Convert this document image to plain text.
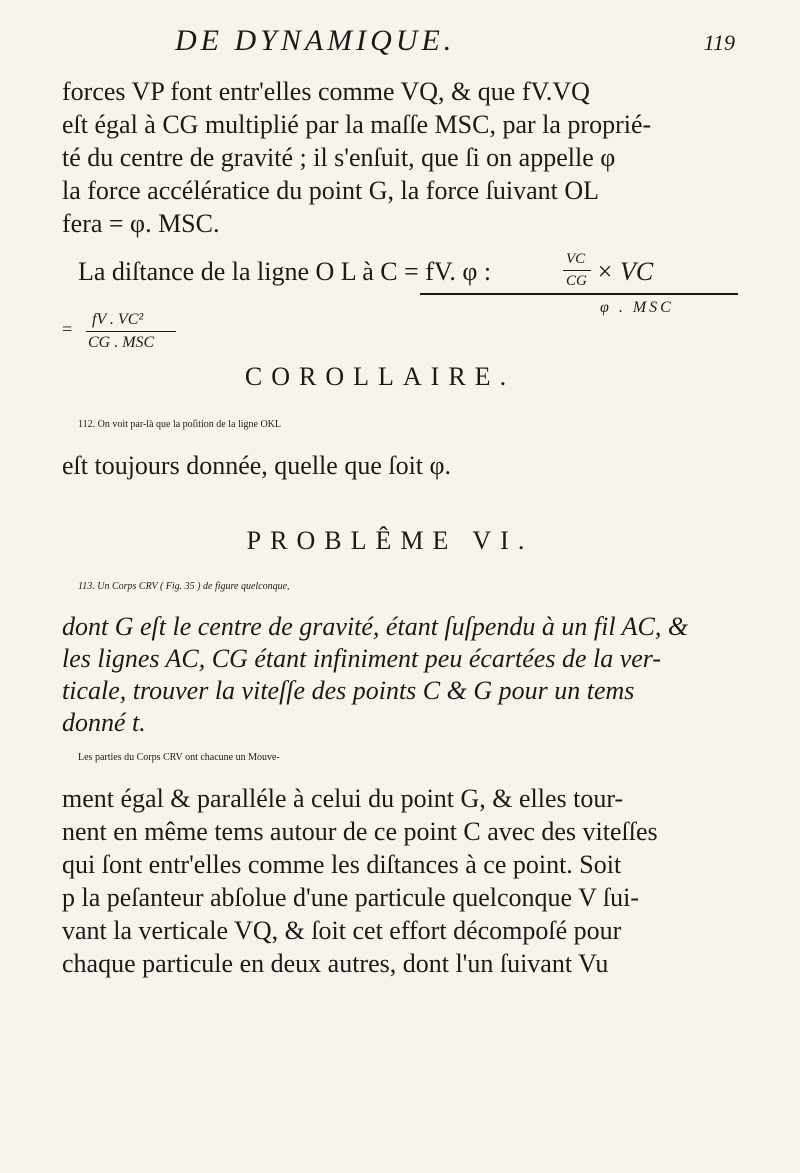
DE DYNAMIQUE.	119
forces VP font entr'elles comme VQ, & que fV.VQ
eſt égal à CG multiplié par la maſſe MSC, par la proprié-
té du centre de gravité ; il s'enſuit, que ſi on appelle φ
la force accélératice du point G, la force ſuivant OL
fera = φ. MSC.
La diſtance de la ligne O L à C = fV. φ :	VC
CG × VC
φ . MSC
fV . VC²
=
CG . MSC
COROLLAIRE.
112. On voit par-là que la poſition de la ligne OKL
eſt toujours donnée, quelle que ſoit φ.
PROBLÊME VI.
113. Un Corps CRV ( Fig. 35 ) de figure quelconque,
dont G eſt le centre de gravité, étant ſuſpendu à un fil AC, &
les lignes AC, CG étant infiniment peu écartées de la ver-
ticale, trouver la viteſſe des points C & G pour un tems
donné t.
Les parties du Corps CRV ont chacune un Mouve-
ment égal & paralléle à celui du point G, & elles tour-
nent en même tems autour de ce point C avec des viteſſes
qui ſont entr'elles comme les diſtances à ce point. Soit
p la peſanteur abſolue d'une particule quelconque V ſui-
vant la verticale VQ, & ſoit cet effort décompoſé pour
chaque particule en deux autres, dont l'un ſuivant Vu
